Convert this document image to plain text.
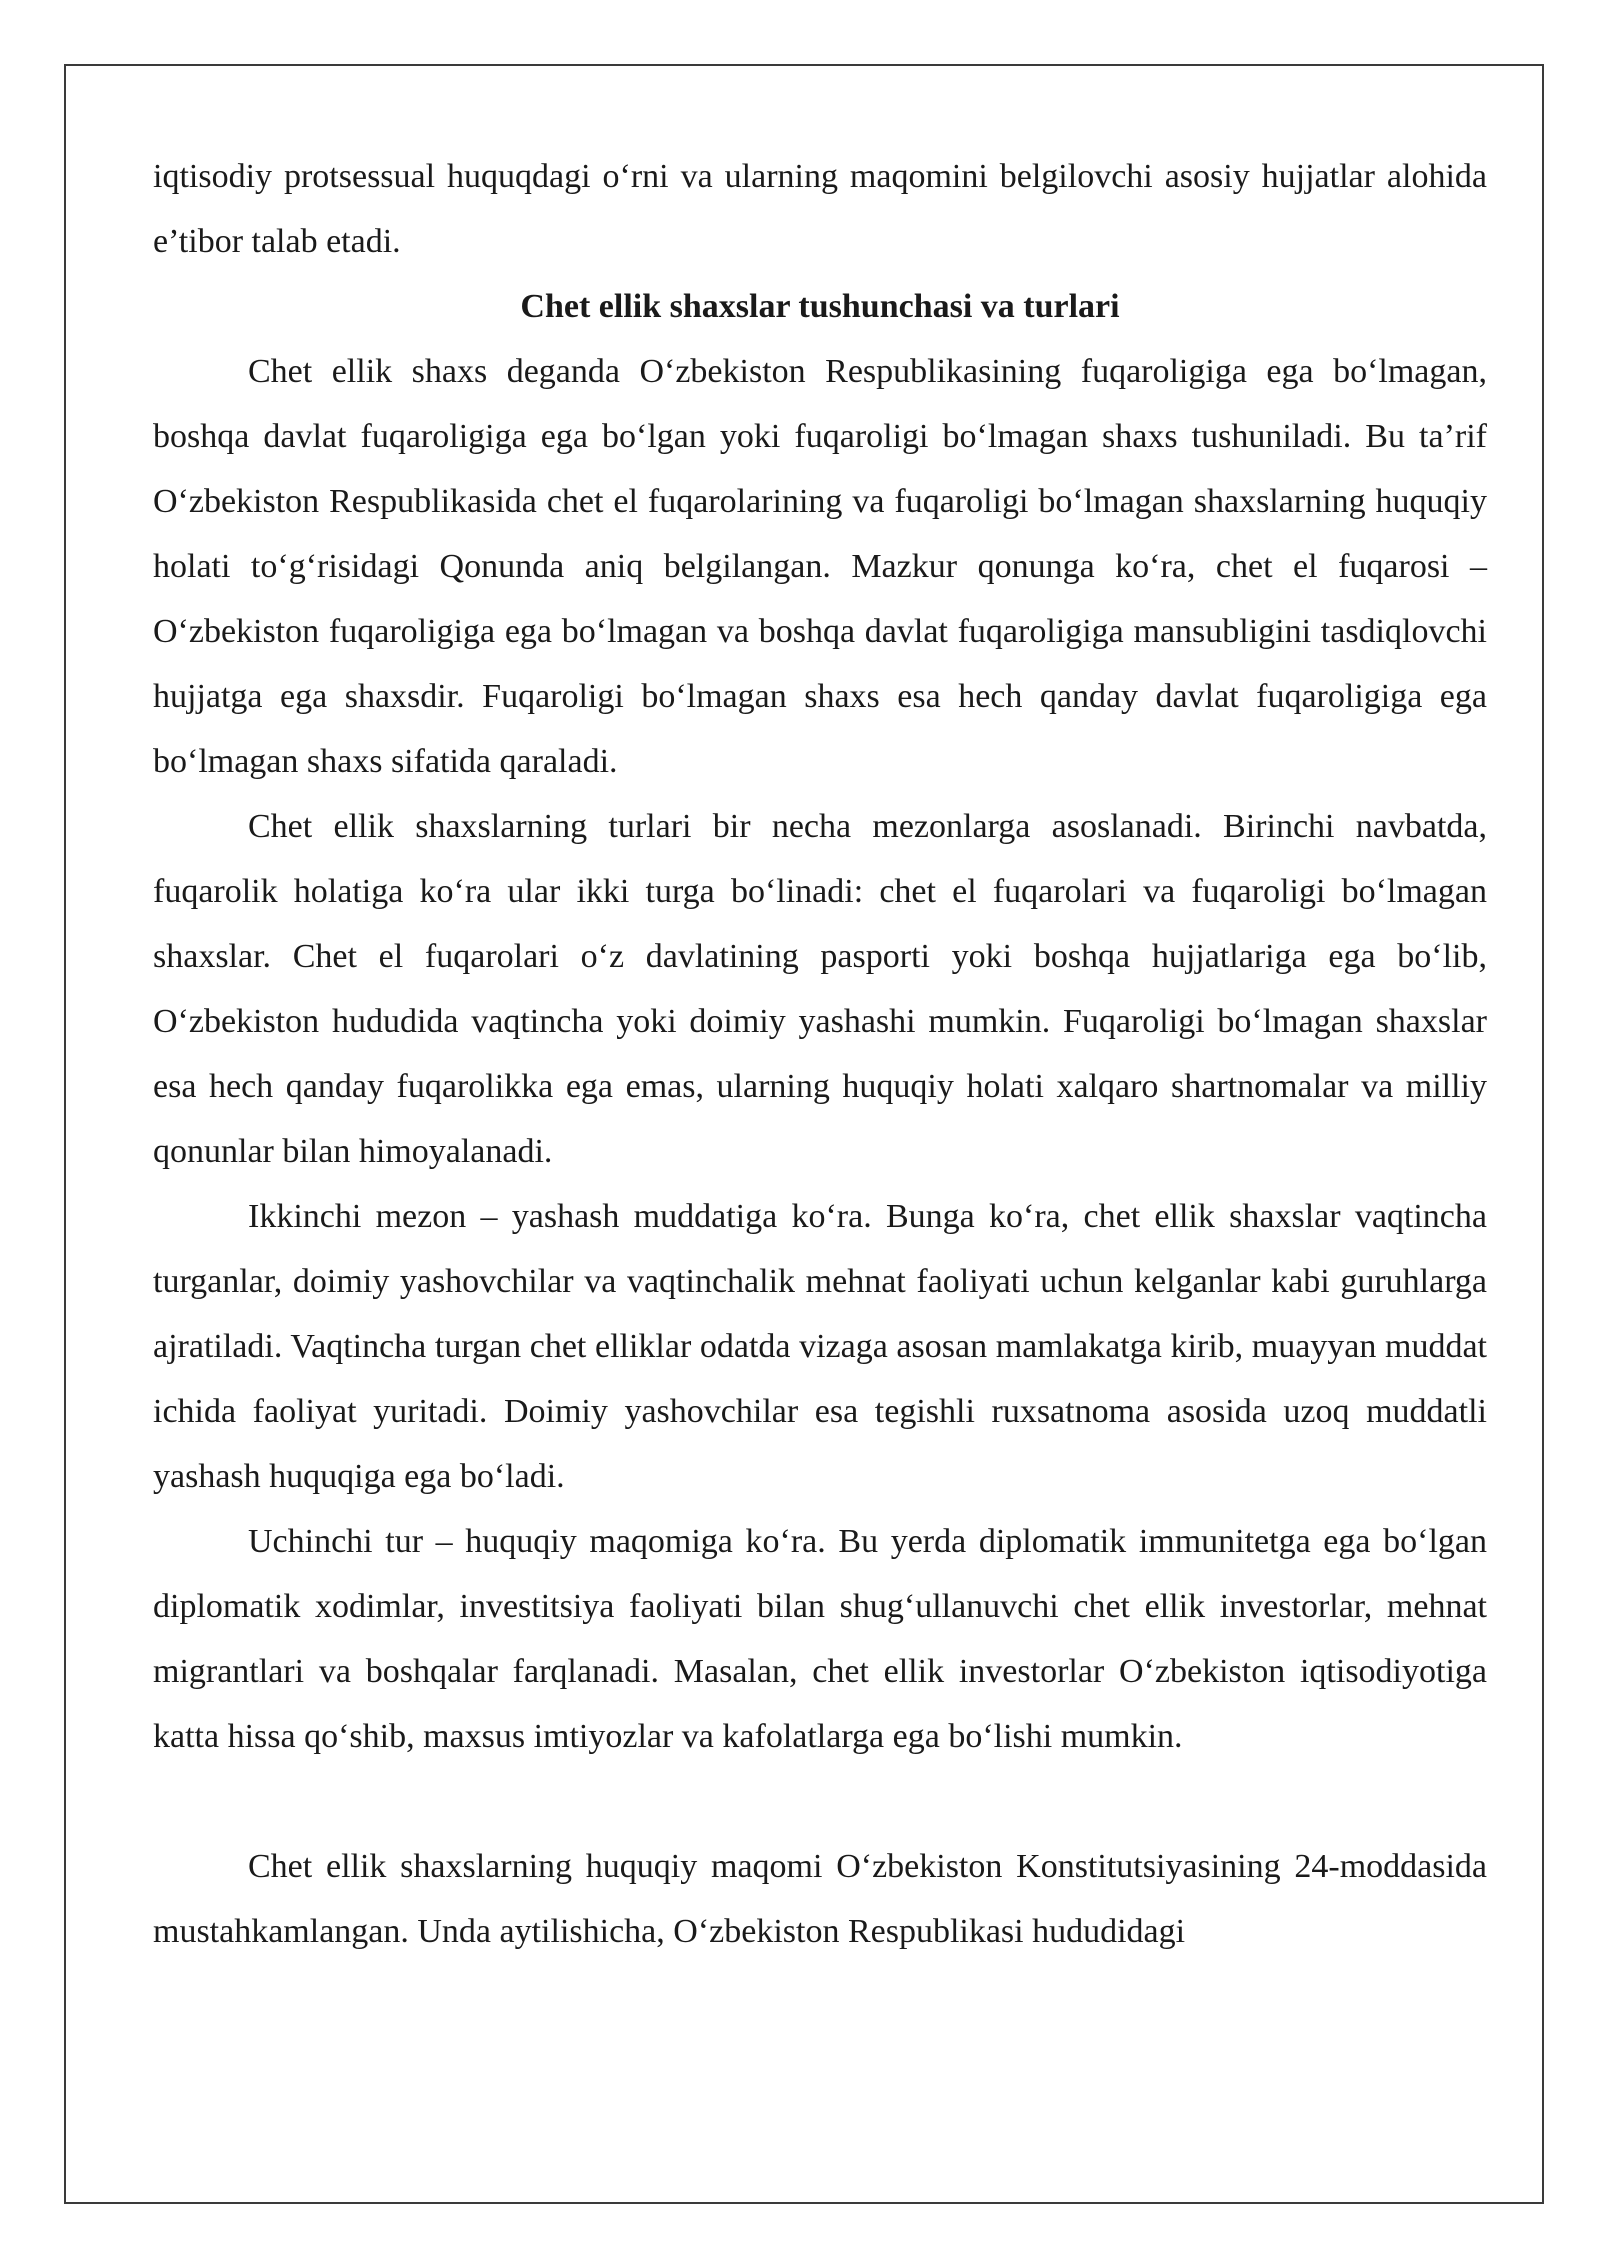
iqtisodiy protsessual huquqdagi o‘rni va ularning maqomini belgilovchi asosiy hujjatlar alohida e’tibor talab etadi.

Chet ellik shaxslar tushunchasi va turlari

Chet ellik shaxs deganda O‘zbekiston Respublikasining fuqaroligiga ega bo‘lmagan, boshqa davlat fuqaroligiga ega bo‘lgan yoki fuqaroligi bo‘lmagan shaxs tushuniladi. Bu ta’rif O‘zbekiston Respublikasida chet el fuqarolarining va fuqaroligi bo‘lmagan shaxslarning huquqiy holati to‘g‘risidagi Qonunda aniq belgilangan. Mazkur qonunga ko‘ra, chet el fuqarosi – O‘zbekiston fuqaroligiga ega bo‘lmagan va boshqa davlat fuqaroligiga mansubligini tasdiqlovchi hujjatga ega shaxsdir. Fuqaroligi bo‘lmagan shaxs esa hech qanday davlat fuqaroligiga ega bo‘lmagan shaxs sifatida qaraladi.

Chet ellik shaxslarning turlari bir necha mezonlarga asoslanadi. Birinchi navbatda, fuqarolik holatiga ko‘ra ular ikki turga bo‘linadi: chet el fuqarolari va fuqaroligi bo‘lmagan shaxslar. Chet el fuqarolari o‘z davlatining pasporti yoki boshqa hujjatlariga ega bo‘lib, O‘zbekiston hududida vaqtincha yoki doimiy yashashi mumkin. Fuqaroligi bo‘lmagan shaxslar esa hech qanday fuqarolikka ega emas, ularning huquqiy holati xalqaro shartnomalar va milliy qonunlar bilan himoyalanadi.

Ikkinchi mezon – yashash muddatiga ko‘ra. Bunga ko‘ra, chet ellik shaxslar vaqtincha turganlar, doimiy yashovchilar va vaqtinchalik mehnat faoliyati uchun kelganlar kabi guruhlarga ajratiladi. Vaqtincha turgan chet elliklar odatda vizaga asosan mamlakatga kirib, muayyan muddat ichida faoliyat yuritadi. Doimiy yashovchilar esa tegishli ruxsatnoma asosida uzoq muddatli yashash huquqiga ega bo‘ladi.

Uchinchi tur – huquqiy maqomiga ko‘ra. Bu yerda diplomatik immunitetga ega bo‘lgan diplomatik xodimlar, investitsiya faoliyati bilan shug‘ullanuvchi chet ellik investorlar, mehnat migrantlari va boshqalar farqlanadi. Masalan, chet ellik investorlar O‘zbekiston iqtisodiyotiga katta hissa qo‘shib, maxsus imtiyozlar va kafolatlarga ega bo‘lishi mumkin.

Chet ellik shaxslarning huquqiy maqomi O‘zbekiston Konstitutsiyasining 24-moddasida mustahkamlangan. Unda aytilishicha, O‘zbekiston Respublikasi hududidagi
